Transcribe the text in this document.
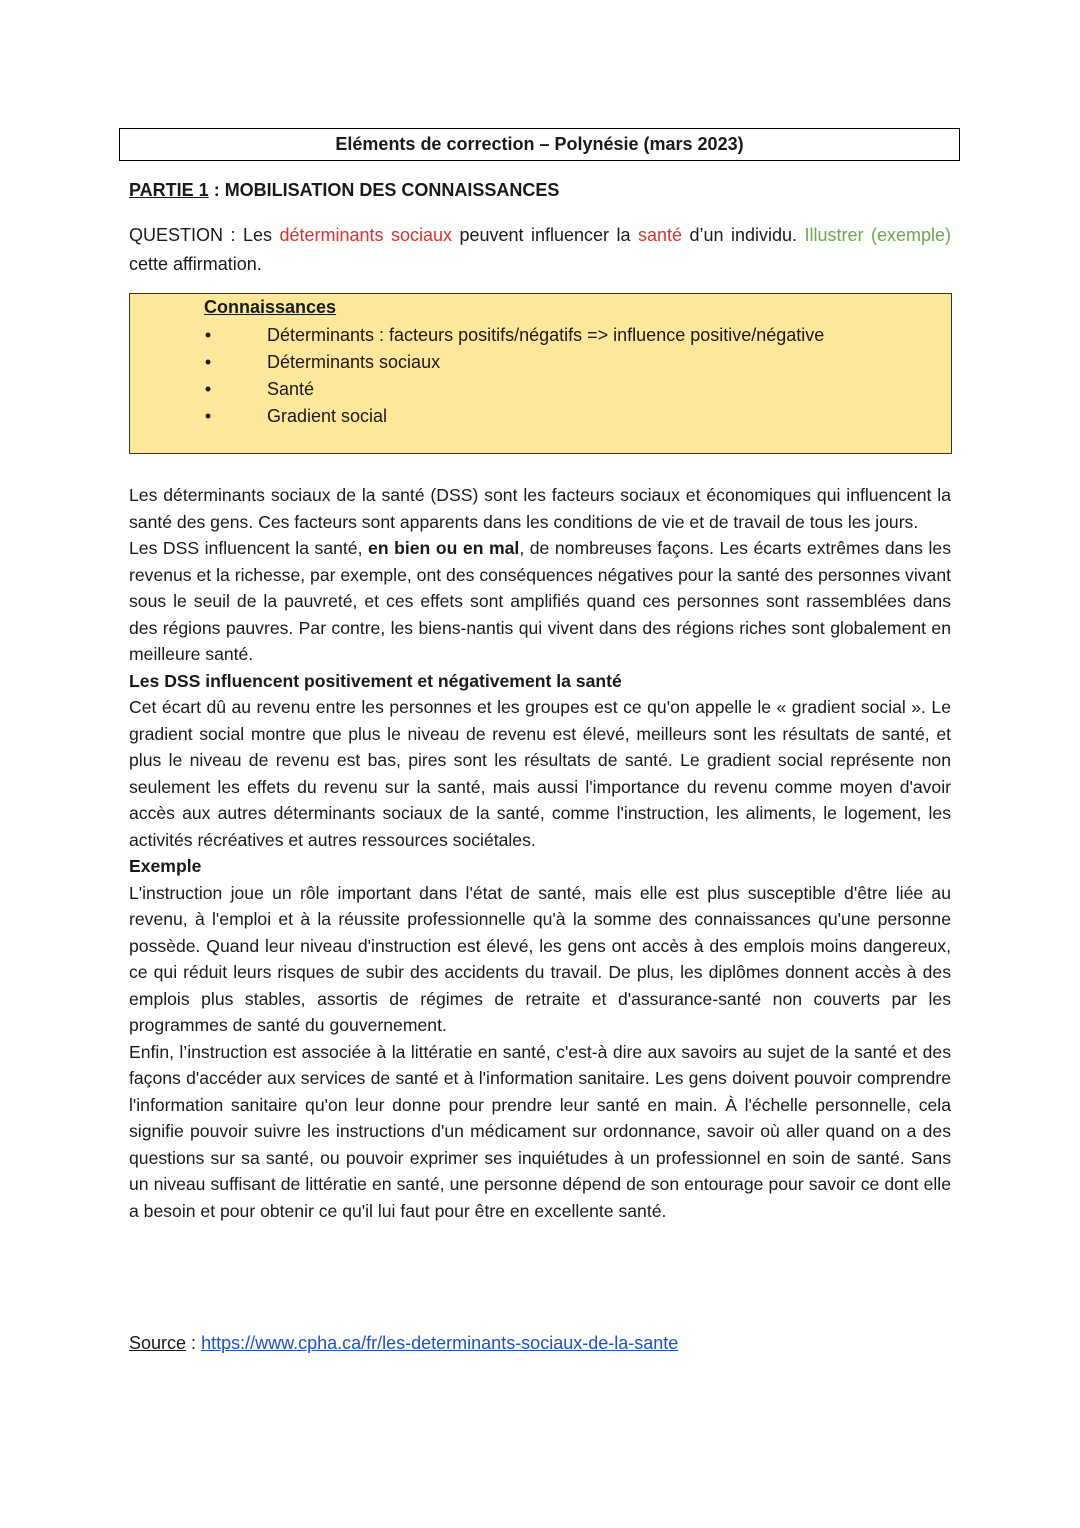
Eléments de correction – Polynésie (mars 2023)
PARTIE 1 : MOBILISATION DES CONNAISSANCES
QUESTION : Les déterminants sociaux peuvent influencer la santé d’un individu. Illustrer (exemple) cette affirmation.
Connaissances
•	Déterminants : facteurs positifs/négatifs => influence positive/négative
•	Déterminants sociaux
•	Santé
•	Gradient social

Les déterminants sociaux de la santé (DSS) sont les facteurs sociaux et économiques qui influencent la santé des gens. Ces facteurs sont apparents dans les conditions de vie et de travail de tous les jours.

Les DSS influencent la santé, en bien ou en mal, de nombreuses façons. Les écarts extrêmes dans les revenus et la richesse, par exemple, ont des conséquences négatives pour la santé des personnes vivant sous le seuil de la pauvreté, et ces effets sont amplifiés quand ces personnes sont rassemblées dans des régions pauvres. Par contre, les biens-nantis qui vivent dans des régions riches sont globalement en meilleure santé.

Les DSS influencent positivement et négativement la santé

Cet écart dû au revenu entre les personnes et les groupes est ce qu'on appelle le « gradient social ». Le gradient social montre que plus le niveau de revenu est élevé, meilleurs sont les résultats de santé, et plus le niveau de revenu est bas, pires sont les résultats de santé. Le gradient social représente non seulement les effets du revenu sur la santé, mais aussi l'importance du revenu comme moyen d'avoir accès aux autres déterminants sociaux de la santé, comme l'instruction, les aliments, le logement, les activités récréatives et autres ressources sociétales.

Exemple

L'instruction joue un rôle important dans l'état de santé, mais elle est plus susceptible d'être liée au revenu, à l'emploi et à la réussite professionnelle qu'à la somme des connaissances qu'une personne possède. Quand leur niveau d'instruction est élevé, les gens ont accès à des emplois moins dangereux, ce qui réduit leurs risques de subir des accidents du travail. De plus, les diplômes donnent accès à des emplois plus stables, assortis de régimes de retraite et d'assurance-santé non couverts par les programmes de santé du gouvernement.

Enfin, l’instruction est associée à la littératie en santé, c'est-à dire aux savoirs au sujet de la santé et des façons d'accéder aux services de santé et à l'information sanitaire. Les gens doivent pouvoir comprendre l'information sanitaire qu'on leur donne pour prendre leur santé en main. À l'échelle personnelle, cela signifie pouvoir suivre les instructions d'un médicament sur ordonnance, savoir où aller quand on a des questions sur sa santé, ou pouvoir exprimer ses inquiétudes à un professionnel en soin de santé. Sans un niveau suffisant de littératie en santé, une personne dépend de son entourage pour savoir ce dont elle a besoin et pour obtenir ce qu'il lui faut pour être en excellente santé.

Source : https://www.cpha.ca/fr/les-determinants-sociaux-de-la-sante
